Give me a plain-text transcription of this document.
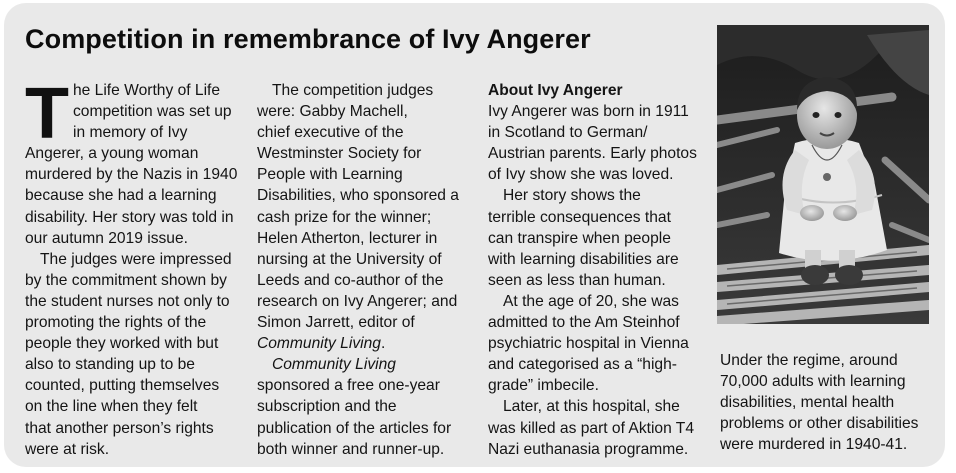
Competition in remembrance of Ivy Angerer

T he Life Worthy of Life
competition was set up
in memory of Ivy
Angerer, a young woman
murdered by the Nazis in 1940
because she had a learning
disability. Her story was told in
our autumn 2019 issue.

The judges were impressed
by the commitment shown by
the student nurses not only to
promoting the rights of the
people they worked with but
also to standing up to be
counted, putting themselves
on the line when they felt
that another person’s rights
were at risk.

The competition judges
were: Gabby Machell,
chief executive of the
Westminster Society for
People with Learning
Disabilities, who sponsored a
cash prize for the winner;
Helen Atherton, lecturer in
nursing at the University of
Leeds and co-author of the
research on Ivy Angerer; and
Simon Jarrett, editor of
Community Living.

Community Living
sponsored a free one-year
subscription and the
publication of the articles for
both winner and runner-up.

About Ivy Angerer

Ivy Angerer was born in 1911
in Scotland to German/
Austrian parents. Early photos
of Ivy show she was loved.

Her story shows the
terrible consequences that
can transpire when people
with learning disabilities are
seen as less than human.

At the age of 20, she was
admitted to the Am Steinhof
psychiatric hospital in Vienna
and categorised as a “high-
grade” imbecile.

Later, at this hospital, she
was killed as part of Aktion T4
Nazi euthanasia programme.

Under the regime, around
70,000 adults with learning
disabilities, mental health
problems or other disabilities
were murdered in 1940-41.
